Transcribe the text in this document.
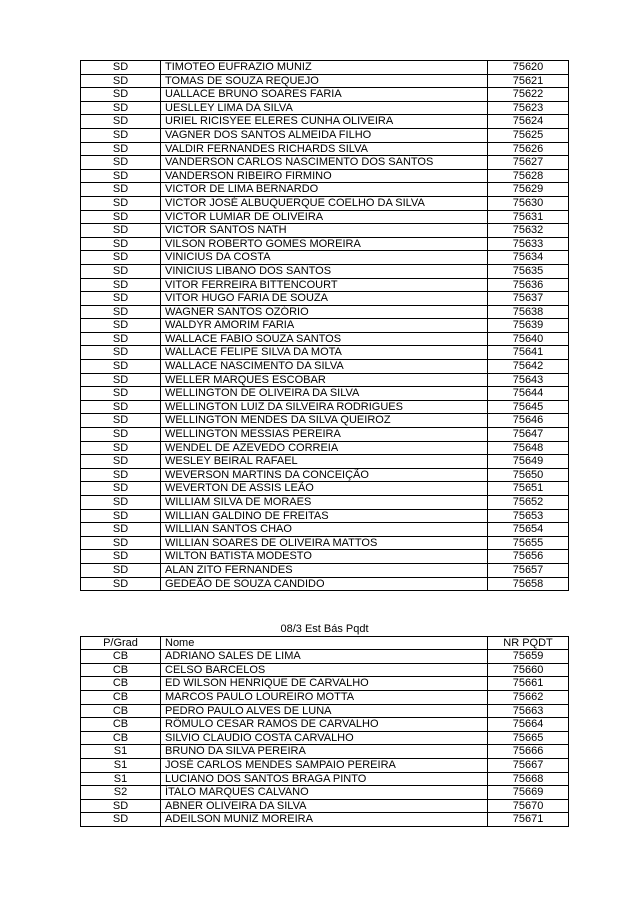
SD	TIMOTEO EUFRAZIO MUNIZ	75620
SD	TOMAS DE SOUZA REQUEJO	75621
SD	UALLACE BRUNO SOARES FARIA	75622
SD	UESLLEY LIMA DA SILVA	75623
SD	URIEL RICISYEE ELERES CUNHA OLIVEIRA	75624
SD	VAGNER DOS SANTOS ALMEIDA FILHO	75625
SD	VALDIR FERNANDES RICHARDS SILVA	75626
SD	VANDERSON CARLOS NASCIMENTO DOS SANTOS	75627
SD	VANDERSON RIBEIRO FIRMINO	75628
SD	VICTOR DE LIMA BERNARDO	75629
SD	VICTOR JOSÉ ALBUQUERQUE COELHO DA SILVA	75630
SD	VICTOR LUMIAR DE OLIVEIRA	75631
SD	VICTOR SANTOS NATH	75632
SD	VILSON ROBERTO GOMES MOREIRA	75633
SD	VINICIUS DA COSTA	75634
SD	VINICIUS LIBANO DOS SANTOS	75635
SD	VITOR FERREIRA BITTENCOURT	75636
SD	VITOR HUGO FARIA DE SOUZA	75637
SD	WAGNER SANTOS OZÓRIO	75638
SD	WALDYR AMORIM FARIA	75639
SD	WALLACE FABIO SOUZA SANTOS	75640
SD	WALLACE FELIPE SILVA DA MOTA	75641
SD	WALLACE NASCIMENTO DA SILVA	75642
SD	WELLER MARQUES ESCOBAR	75643
SD	WELLINGTON DE OLIVEIRA DA SILVA	75644
SD	WELLINGTON LUIZ DA SILVEIRA RODRIGUES	75645
SD	WELLINGTON MENDES DA SILVA QUEIROZ	75646
SD	WELLINGTON MESSIAS PEREIRA	75647
SD	WENDEL DE AZEVEDO CORREIA	75648
SD	WESLEY BEIRAL RAFAEL	75649
SD	WEVERSON MARTINS DA CONCEIÇÃO	75650
SD	WEVERTON DE ASSIS LEÃO	75651
SD	WILLIAM SILVA DE MORAES	75652
SD	WILLIAN GALDINO DE FREITAS	75653
SD	WILLIAN SANTOS CHAO	75654
SD	WILLIAN SOARES DE OLIVEIRA MATTOS	75655
SD	WILTON BATISTA MODESTO	75656
SD	ALAN ZITO FERNANDES	75657
SD	GEDEÃO DE SOUZA CANDIDO	75658
08/3 Est Bás Pqdt		
P/Grad	Nome	NR PQDT
CB	ADRIANO SALES DE LIMA	75659
CB	CELSO BARCELOS	75660
CB	ED WILSON HENRIQUE DE CARVALHO	75661
CB	MARCOS PAULO LOUREIRO MOTTA	75662
CB	PEDRO PAULO ALVES DE LUNA	75663
CB	RÔMULO CESAR RAMOS DE CARVALHO	75664
CB	SILVIO CLAUDIO COSTA CARVALHO	75665
S1	BRUNO DA SILVA PEREIRA	75666
S1	JOSÉ CARLOS MENDES SAMPAIO PEREIRA	75667
S1	LUCIANO DOS SANTOS BRAGA PINTO	75668
S2	ÍTALO MARQUES CALVANO	75669
SD	ABNER OLIVEIRA DA SILVA	75670
SD	ADEILSON MUNIZ MOREIRA	75671
